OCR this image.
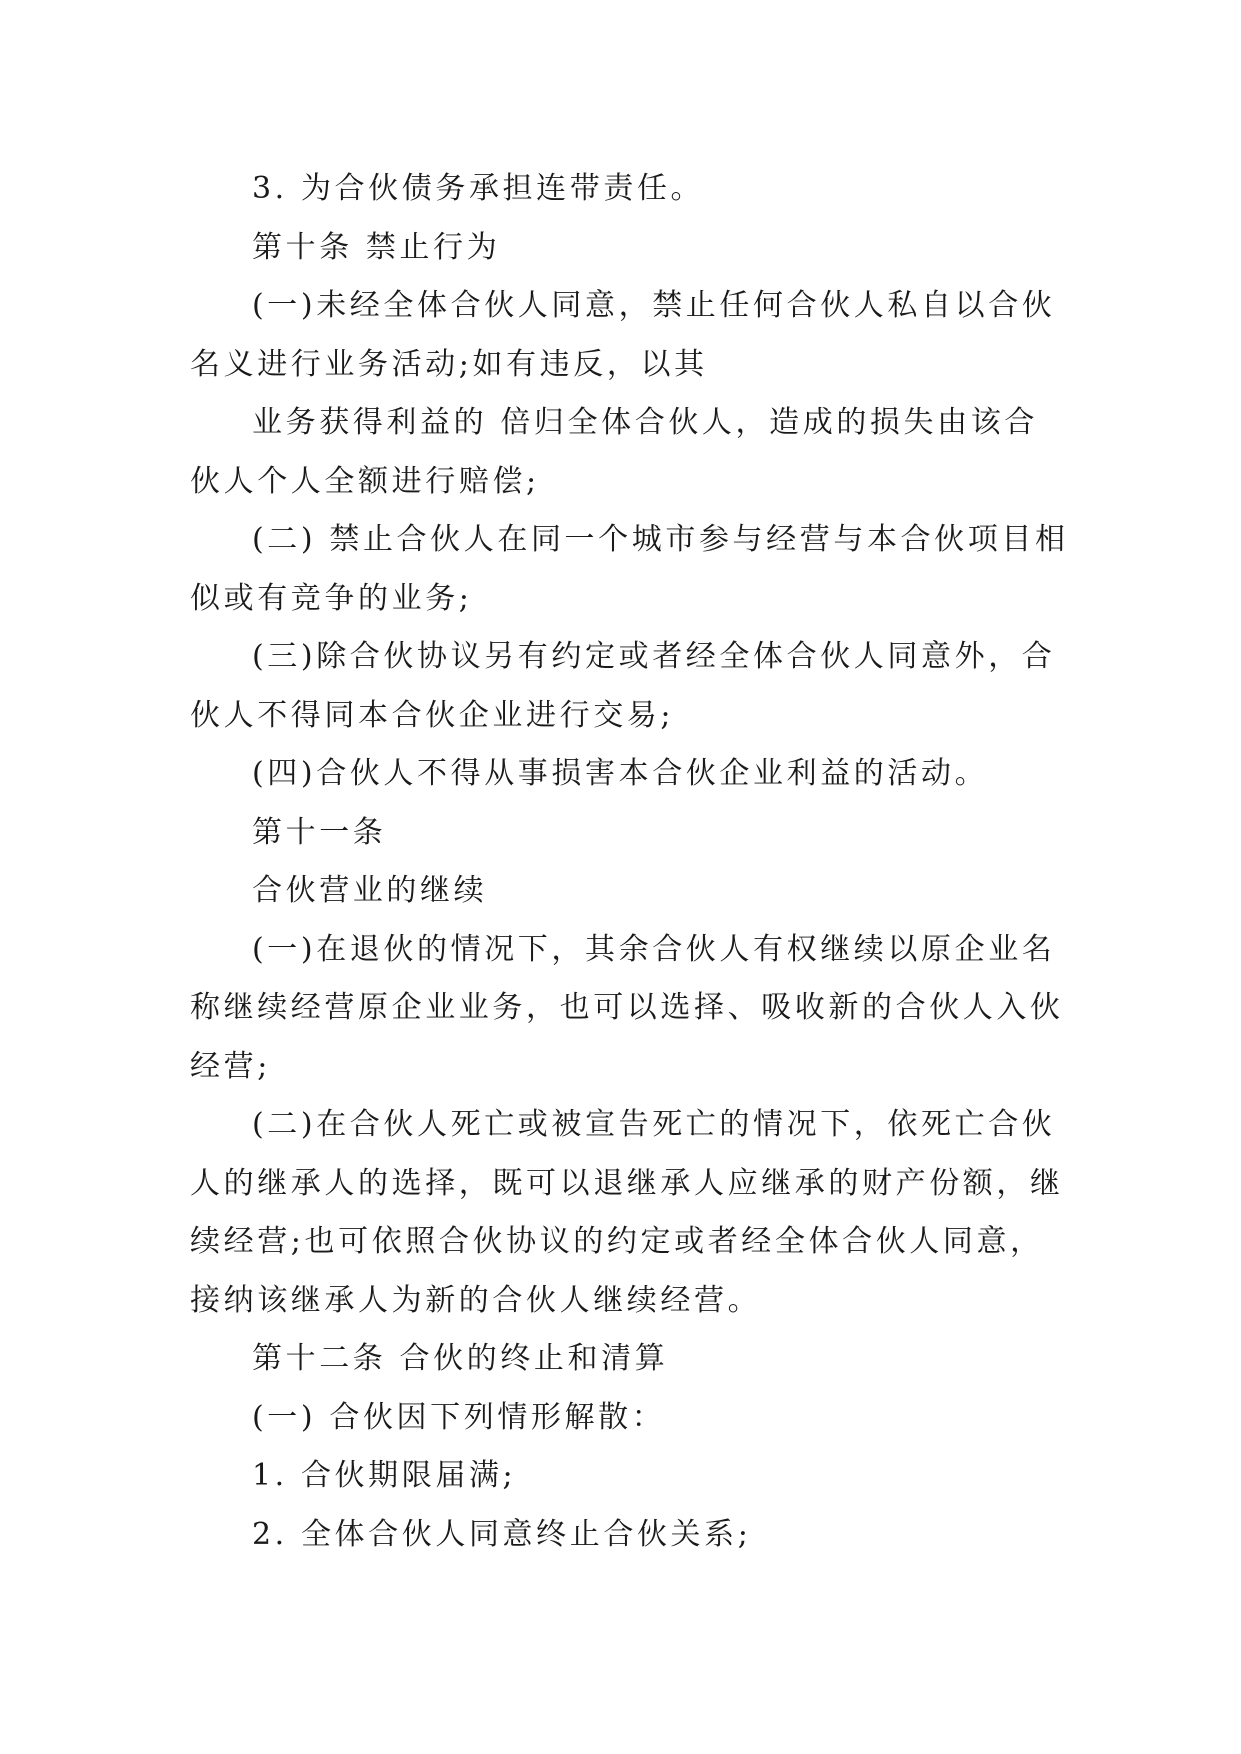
3. 为合伙债务承担连带责任。

第十条 禁止行为

(一)未经全体合伙人同意，禁止任何合伙人私自以合伙名义进行业务活动;如有违反，以其

业务获得利益的 倍归全体合伙人，造成的损失由该合伙人个人全额进行赔偿;

(二) 禁止合伙人在同一个城市参与经营与本合伙项目相似或有竞争的业务;

(三)除合伙协议另有约定或者经全体合伙人同意外，合伙人不得同本合伙企业进行交易;

(四)合伙人不得从事损害本合伙企业利益的活动。

第十一条

合伙营业的继续

(一)在退伙的情况下，其余合伙人有权继续以原企业名称继续经营原企业业务，也可以选择、吸收新的合伙人入伙经营;

(二)在合伙人死亡或被宣告死亡的情况下，依死亡合伙人的继承人的选择，既可以退继承人应继承的财产份额，继续经营;也可依照合伙协议的约定或者经全体合伙人同意，接纳该继承人为新的合伙人继续经营。

第十二条 合伙的终止和清算

(一) 合伙因下列情形解散：

1. 合伙期限届满;

2. 全体合伙人同意终止合伙关系;
